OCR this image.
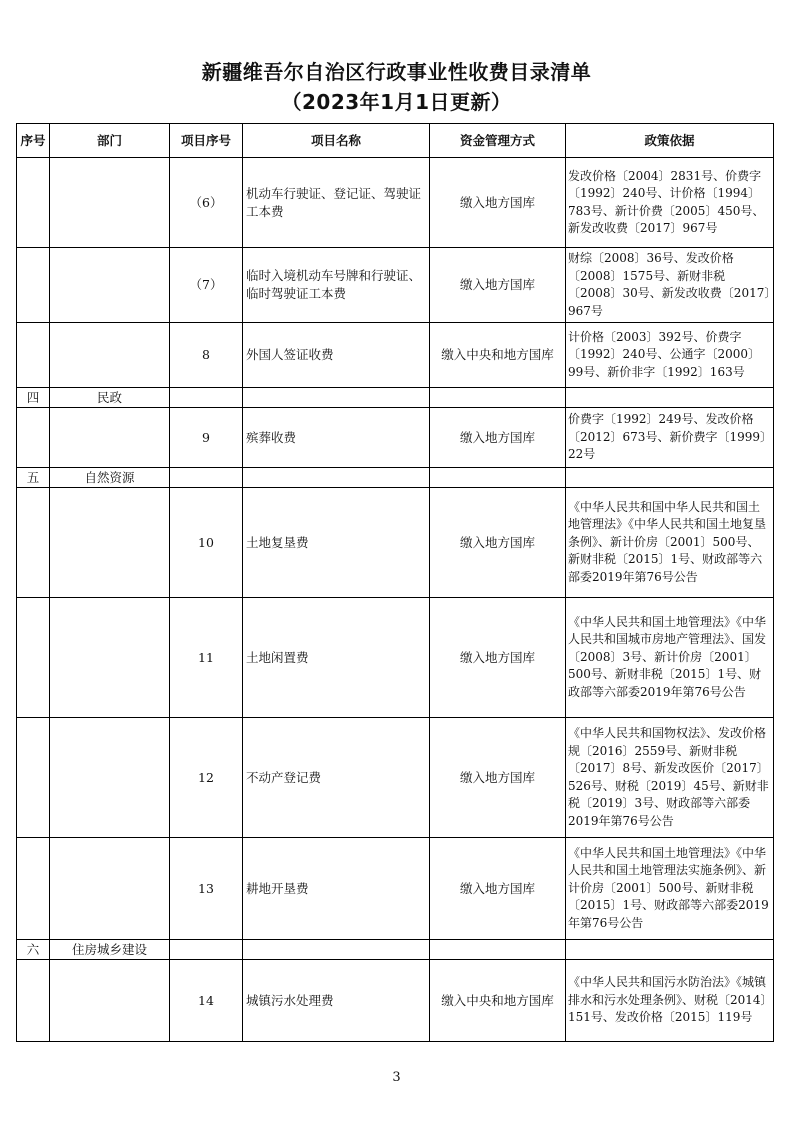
新疆维吾尔自治区行政事业性收费目录清单
（2023年1月1日更新）
序号	部门	项目序号	项目名称	资金管理方式	政策依据
		（6）	机动车行驶证、登记证、驾驶证工本费	缴入地方国库	发改价格〔2004〕2831号、价费字〔1992〕240号、计价格〔1994〕783号、新计价费〔2005〕450号、新发改收费〔2017〕967号
		（7）	临时入境机动车号牌和行驶证、临时驾驶证工本费	缴入地方国库	财综〔2008〕36号、发改价格〔2008〕1575号、新财非税〔2008〕30号、新发改收费〔2017〕967号
		8	外国人签证收费	缴入中央和地方国库	计价格〔2003〕392号、价费字〔1992〕240号、公通字〔2000〕99号、新价非字〔1992〕163号
四	民政				
		9	殡葬收费	缴入地方国库	价费字〔1992〕249号、发改价格〔2012〕673号、新价费字〔1999〕22号
五	自然资源				
		10	土地复垦费	缴入地方国库	《中华人民共和国中华人民共和国土地管理法》《中华人民共和国土地复垦条例》、新计价房〔2001〕500号、新财非税〔2015〕1号、财政部等六部委2019年第76号公告
		11	土地闲置费	缴入地方国库	《中华人民共和国土地管理法》《中华人民共和国城市房地产管理法》、国发〔2008〕3号、新计价房〔2001〕500号、新财非税〔2015〕1号、财政部等六部委2019年第76号公告
		12	不动产登记费	缴入地方国库	《中华人民共和国物权法》、发改价格规〔2016〕2559号、新财非税〔2017〕8号、新发改医价〔2017〕526号、财税〔2019〕45号、新财非税〔2019〕3号、财政部等六部委2019年第76号公告
		13	耕地开垦费	缴入地方国库	《中华人民共和国土地管理法》《中华人民共和国土地管理法实施条例》、新计价房〔2001〕500号、新财非税〔2015〕1号、财政部等六部委2019年第76号公告
六	住房城乡建设				
		14	城镇污水处理费	缴入中央和地方国库	《中华人民共和国污水防治法》《城镇排水和污水处理条例》、财税〔2014〕151号、发改价格〔2015〕119号
3
